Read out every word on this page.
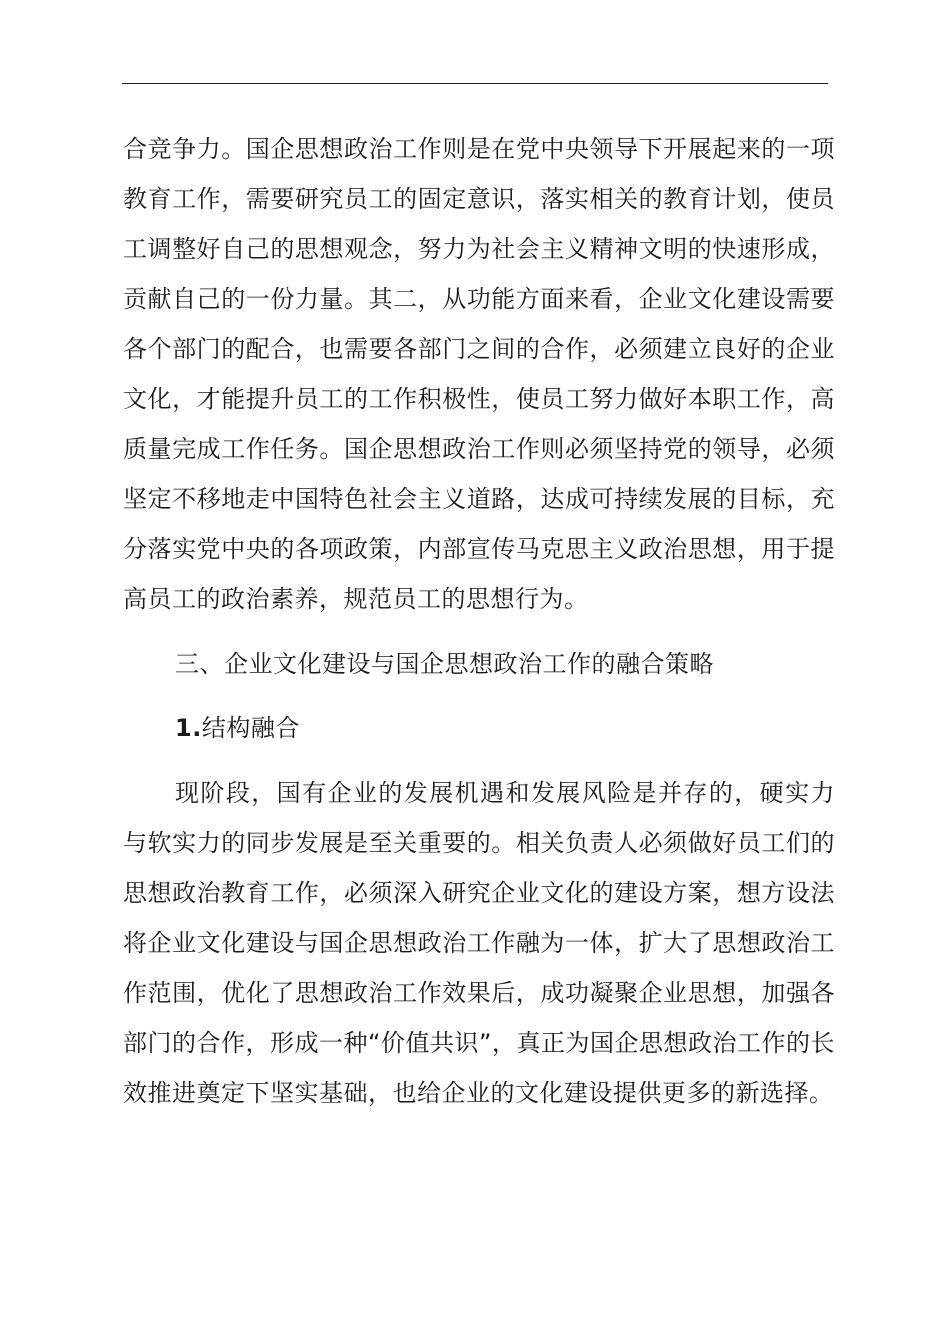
合竞争力。国企思想政治工作则是在党中央领导下开展起来的一项教育工作，需要研究员工的固定意识，落实相关的教育计划，使员工调整好自己的思想观念，努力为社会主义精神文明的快速形成，贡献自己的一份力量。其二，从功能方面来看，企业文化建设需要各个部门的配合，也需要各部门之间的合作，必须建立良好的企业文化，才能提升员工的工作积极性，使员工努力做好本职工作，高质量完成工作任务。国企思想政治工作则必须坚持党的领导，必须坚定不移地走中国特色社会主义道路，达成可持续发展的目标，充分落实党中央的各项政策，内部宣传马克思主义政治思想，用于提高员工的政治素养，规范员工的思想行为。

三、企业文化建设与国企思想政治工作的融合策略

1.结构融合

现阶段，国有企业的发展机遇和发展风险是并存的，硬实力与软实力的同步发展是至关重要的。相关负责人必须做好员工们的思想政治教育工作，必须深入研究企业文化的建设方案，想方设法将企业文化建设与国企思想政治工作融为一体，扩大了思想政治工作范围，优化了思想政治工作效果后，成功凝聚企业思想，加强各部门的合作，形成一种“价值共识”，真正为国企思想政治工作的长效推进奠定下坚实基础，也给企业的文化建设提供更多的新选择。
